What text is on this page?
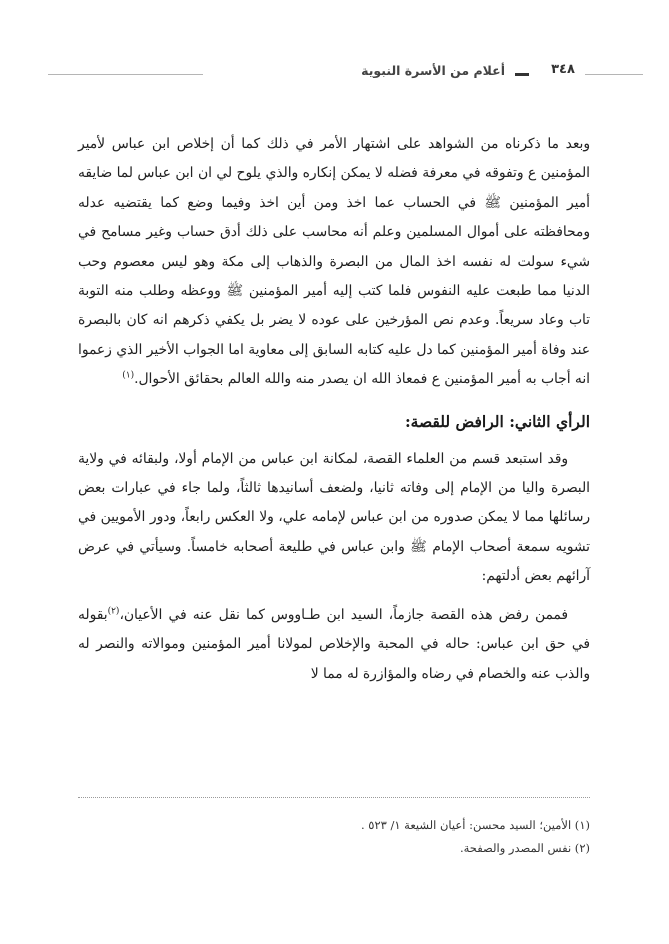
٣٤٨
أعلام من الأسرة النبوية

وبعد ما ذكرناه من الشواهد على اشتهار الأمر في ذلك كما أن إخلاص ابن عباس لأمير المؤمنين ع وتفوقه في معرفة فضله لا يمكن إنكاره والذي يلوح لي ان ابن عباس لما ضايقه أمير المؤمنين ﷺ في الحساب عما اخذ ومن أين اخذ وفيما وضع كما يقتضيه عدله ومحافظته على أموال المسلمين وعلم أنه محاسب على ذلك أدق حساب وغير مسامح في شيء سولت له نفسه اخذ المال من البصرة والذهاب إلى مكة وهو ليس معصوم وحب الدنيا مما طبعت عليه النفوس فلما كتب إليه أمير المؤمنين ﷺ ووعظه وطلب منه التوبة تاب وعاد سريعاً. وعدم نص المؤرخين على عوده لا يضر بل يكفي ذكرهم انه كان بالبصرة عند وفاة أمير المؤمنين كما دل عليه كتابه السابق إلى معاوية اما الجواب الأخير الذي زعموا انه أجاب به أمير المؤمنين ع فمعاذ الله ان يصدر منه والله العالم بحقائق الأحوال.$^{(١)}$

الرأي الثاني: الرافض للقصة:

وقد استبعد قسم من العلماء القصة، لمكانة ابن عباس من الإمام أولا، ولبقائه في ولاية البصرة واليا من الإمام إلى وفاته ثانيا، ولضعف أسانيدها ثالثاً، ولما جاء في عبارات بعض رسائلها مما لا يمكن صدوره من ابن عباس لإمامه علي، ولا العكس رابعاً، ودور الأمويين في تشويه سمعة أصحاب الإمام ﷺ وابن عباس في طليعة أصحابه خامساً. وسيأتي في عرض آرائهم بعض أدلتهم:

فممن رفض هذه القصة جازماً، السيد ابن طـاووس كما نقل عنه في الأعيان،$^{(٢)}$بقوله في حق ابن عباس: حاله في المحبة والإخلاص لمولانا أمير المؤمنين وموالاته والنصر له والذب عنه والخصام في رضاه والمؤازرة له مما لا

(١) الأمين؛ السيد محسن: أعيان الشيعة ١/ ٥٢٣ .

(٢) نفس المصدر والصفحة.
